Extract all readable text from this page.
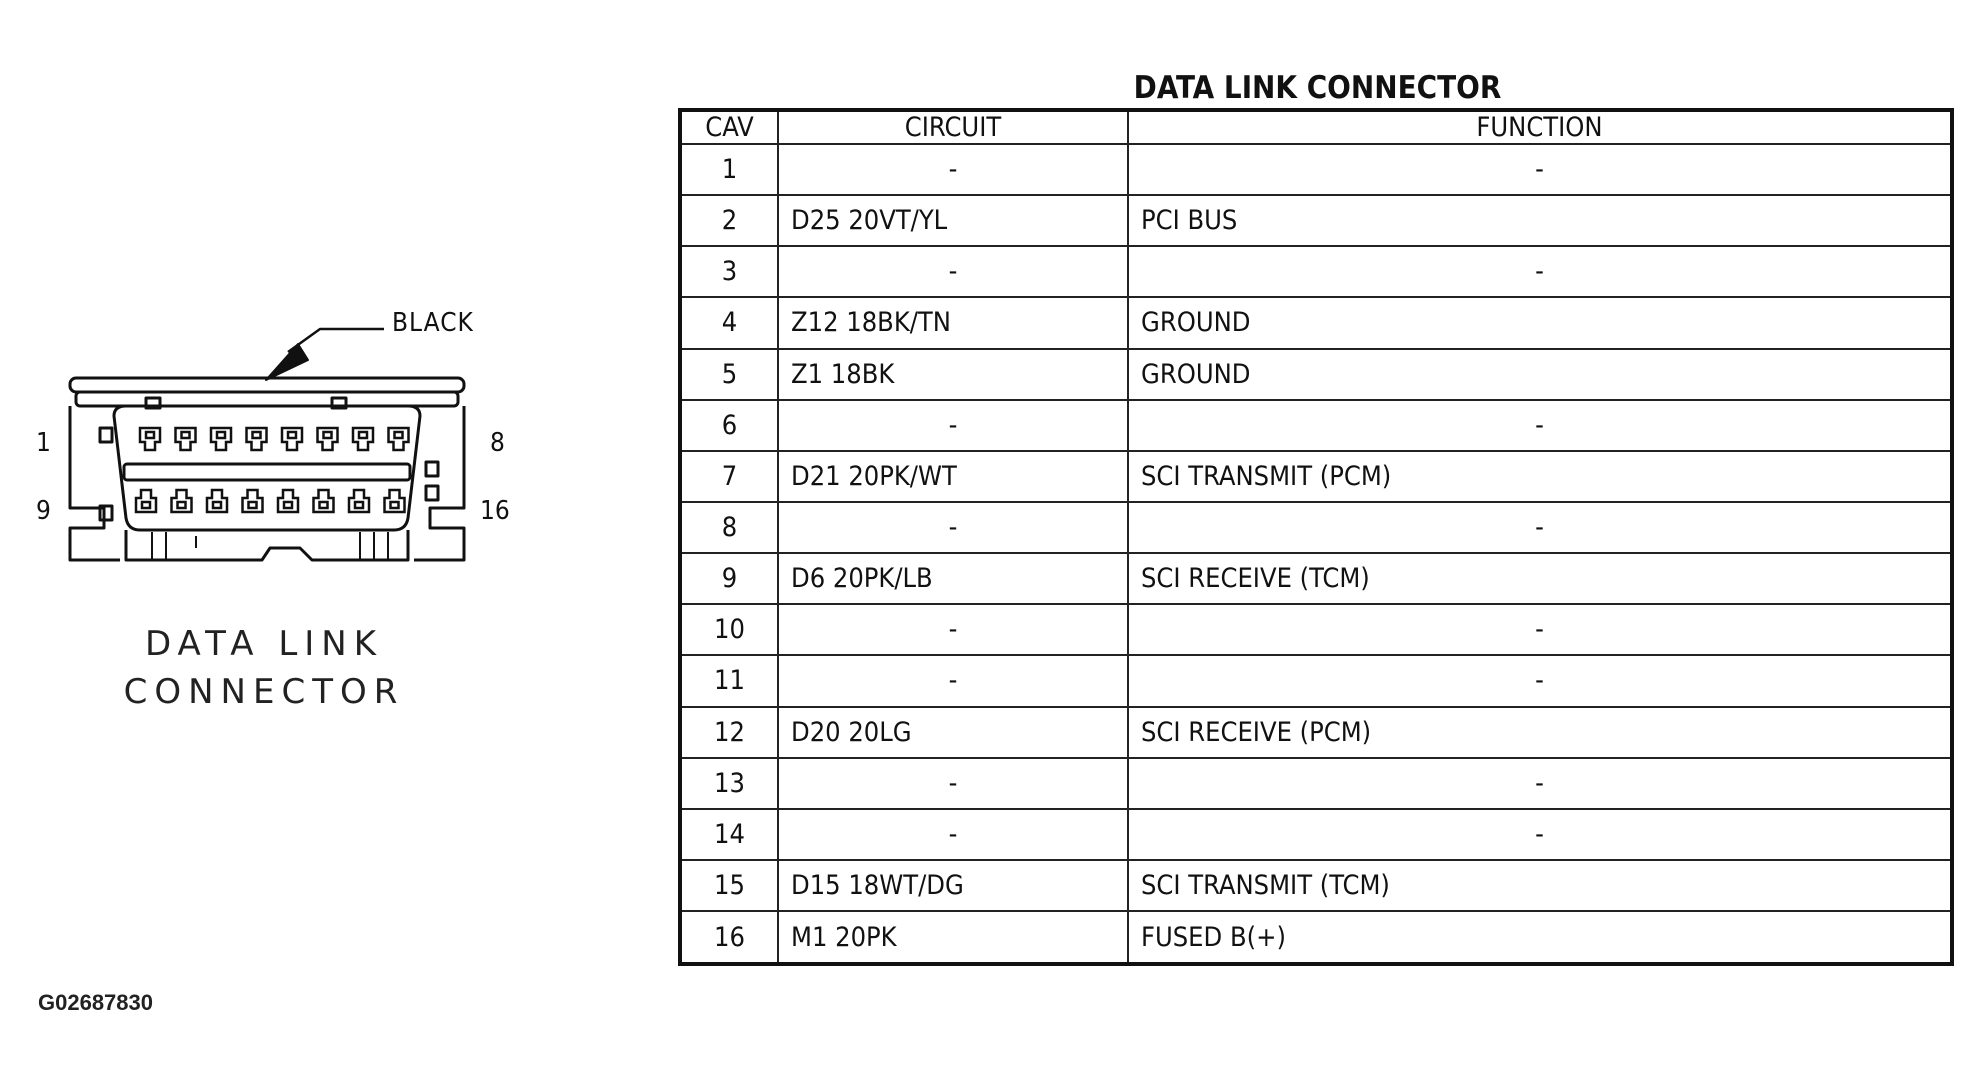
BLACK
1	8
9	16
DATA LINK
CONNECTOR
G02687830
DATA LINK CONNECTOR
CAV	CIRCUIT	FUNCTION
1	-	-
2	D25 20VT/YL	PCI BUS
3	-	-
4	Z12 18BK/TN	GROUND
5	Z1 18BK	GROUND
6	-	-
7	D21 20PK/WT	SCI TRANSMIT (PCM)
8	-	-
9	D6 20PK/LB	SCI RECEIVE (TCM)
10	-	-
11	-	-
12	D20 20LG	SCI RECEIVE (PCM)
13	-	-
14	-	-
15	D15 18WT/DG	SCI TRANSMIT (TCM)
16	M1 20PK	FUSED B(+)
